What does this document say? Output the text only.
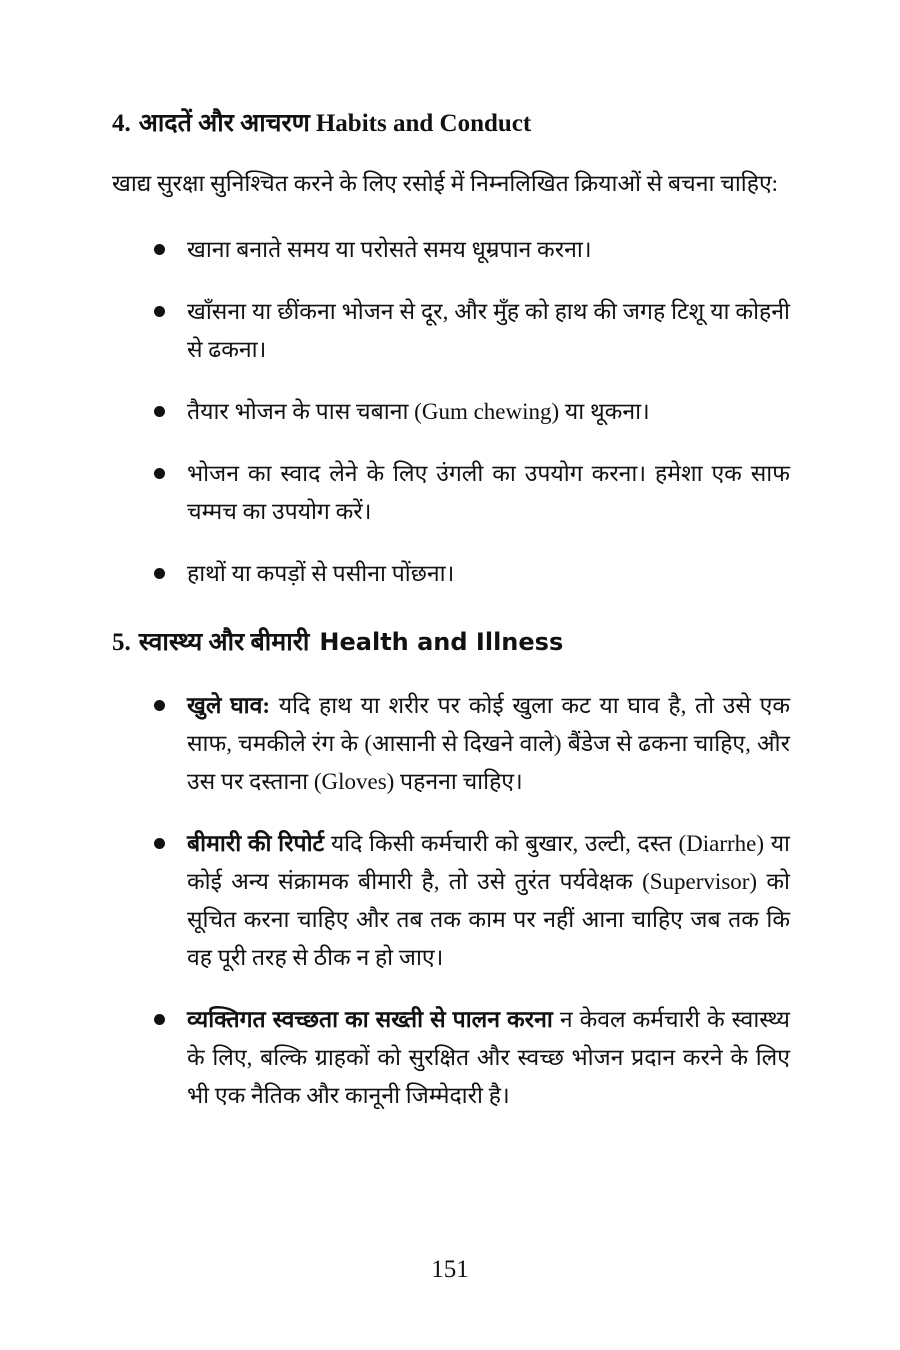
4. आदतें और आचरण Habits and Conduct

खाद्य सुरक्षा सुनिश्चित करने के लिए रसोई में निम्नलिखित क्रियाओं से बचना चाहिए:

खाना बनाते समय या परोसते समय धूम्रपान करना।
खाँसना या छींकना भोजन से दूर, और मुँह को हाथ की जगह टिशू या कोहनी से ढकना।
तैयार भोजन के पास चबाना (Gum chewing) या थूकना।
भोजन का स्वाद लेने के लिए उंगली का उपयोग करना। हमेशा एक साफ चम्मच का उपयोग करें।
हाथों या कपड़ों से पसीना पोंछना।
5. स्वास्थ्य और बीमारी Health and Illness
खुले घाव: यदि हाथ या शरीर पर कोई खुला कट या घाव है, तो उसे एक साफ, चमकीले रंग के (आसानी से दिखने वाले) बैंडेज से ढकना चाहिए, और उस पर दस्ताना (Gloves) पहनना चाहिए।
बीमारी की रिपोर्ट यदि किसी कर्मचारी को बुखार, उल्टी, दस्त (Diarrhe) या कोई अन्य संक्रामक बीमारी है, तो उसे तुरंत पर्यवेक्षक (Supervisor) को सूचित करना चाहिए और तब तक काम पर नहीं आना चाहिए जब तक कि वह पूरी तरह से ठीक न हो जाए।
व्यक्तिगत स्वच्छता का सख्ती से पालन करना न केवल कर्मचारी के स्वास्थ्य के लिए, बल्कि ग्राहकों को सुरक्षित और स्वच्छ भोजन प्रदान करने के लिए भी एक नैतिक और कानूनी जिम्मेदारी है।
151
